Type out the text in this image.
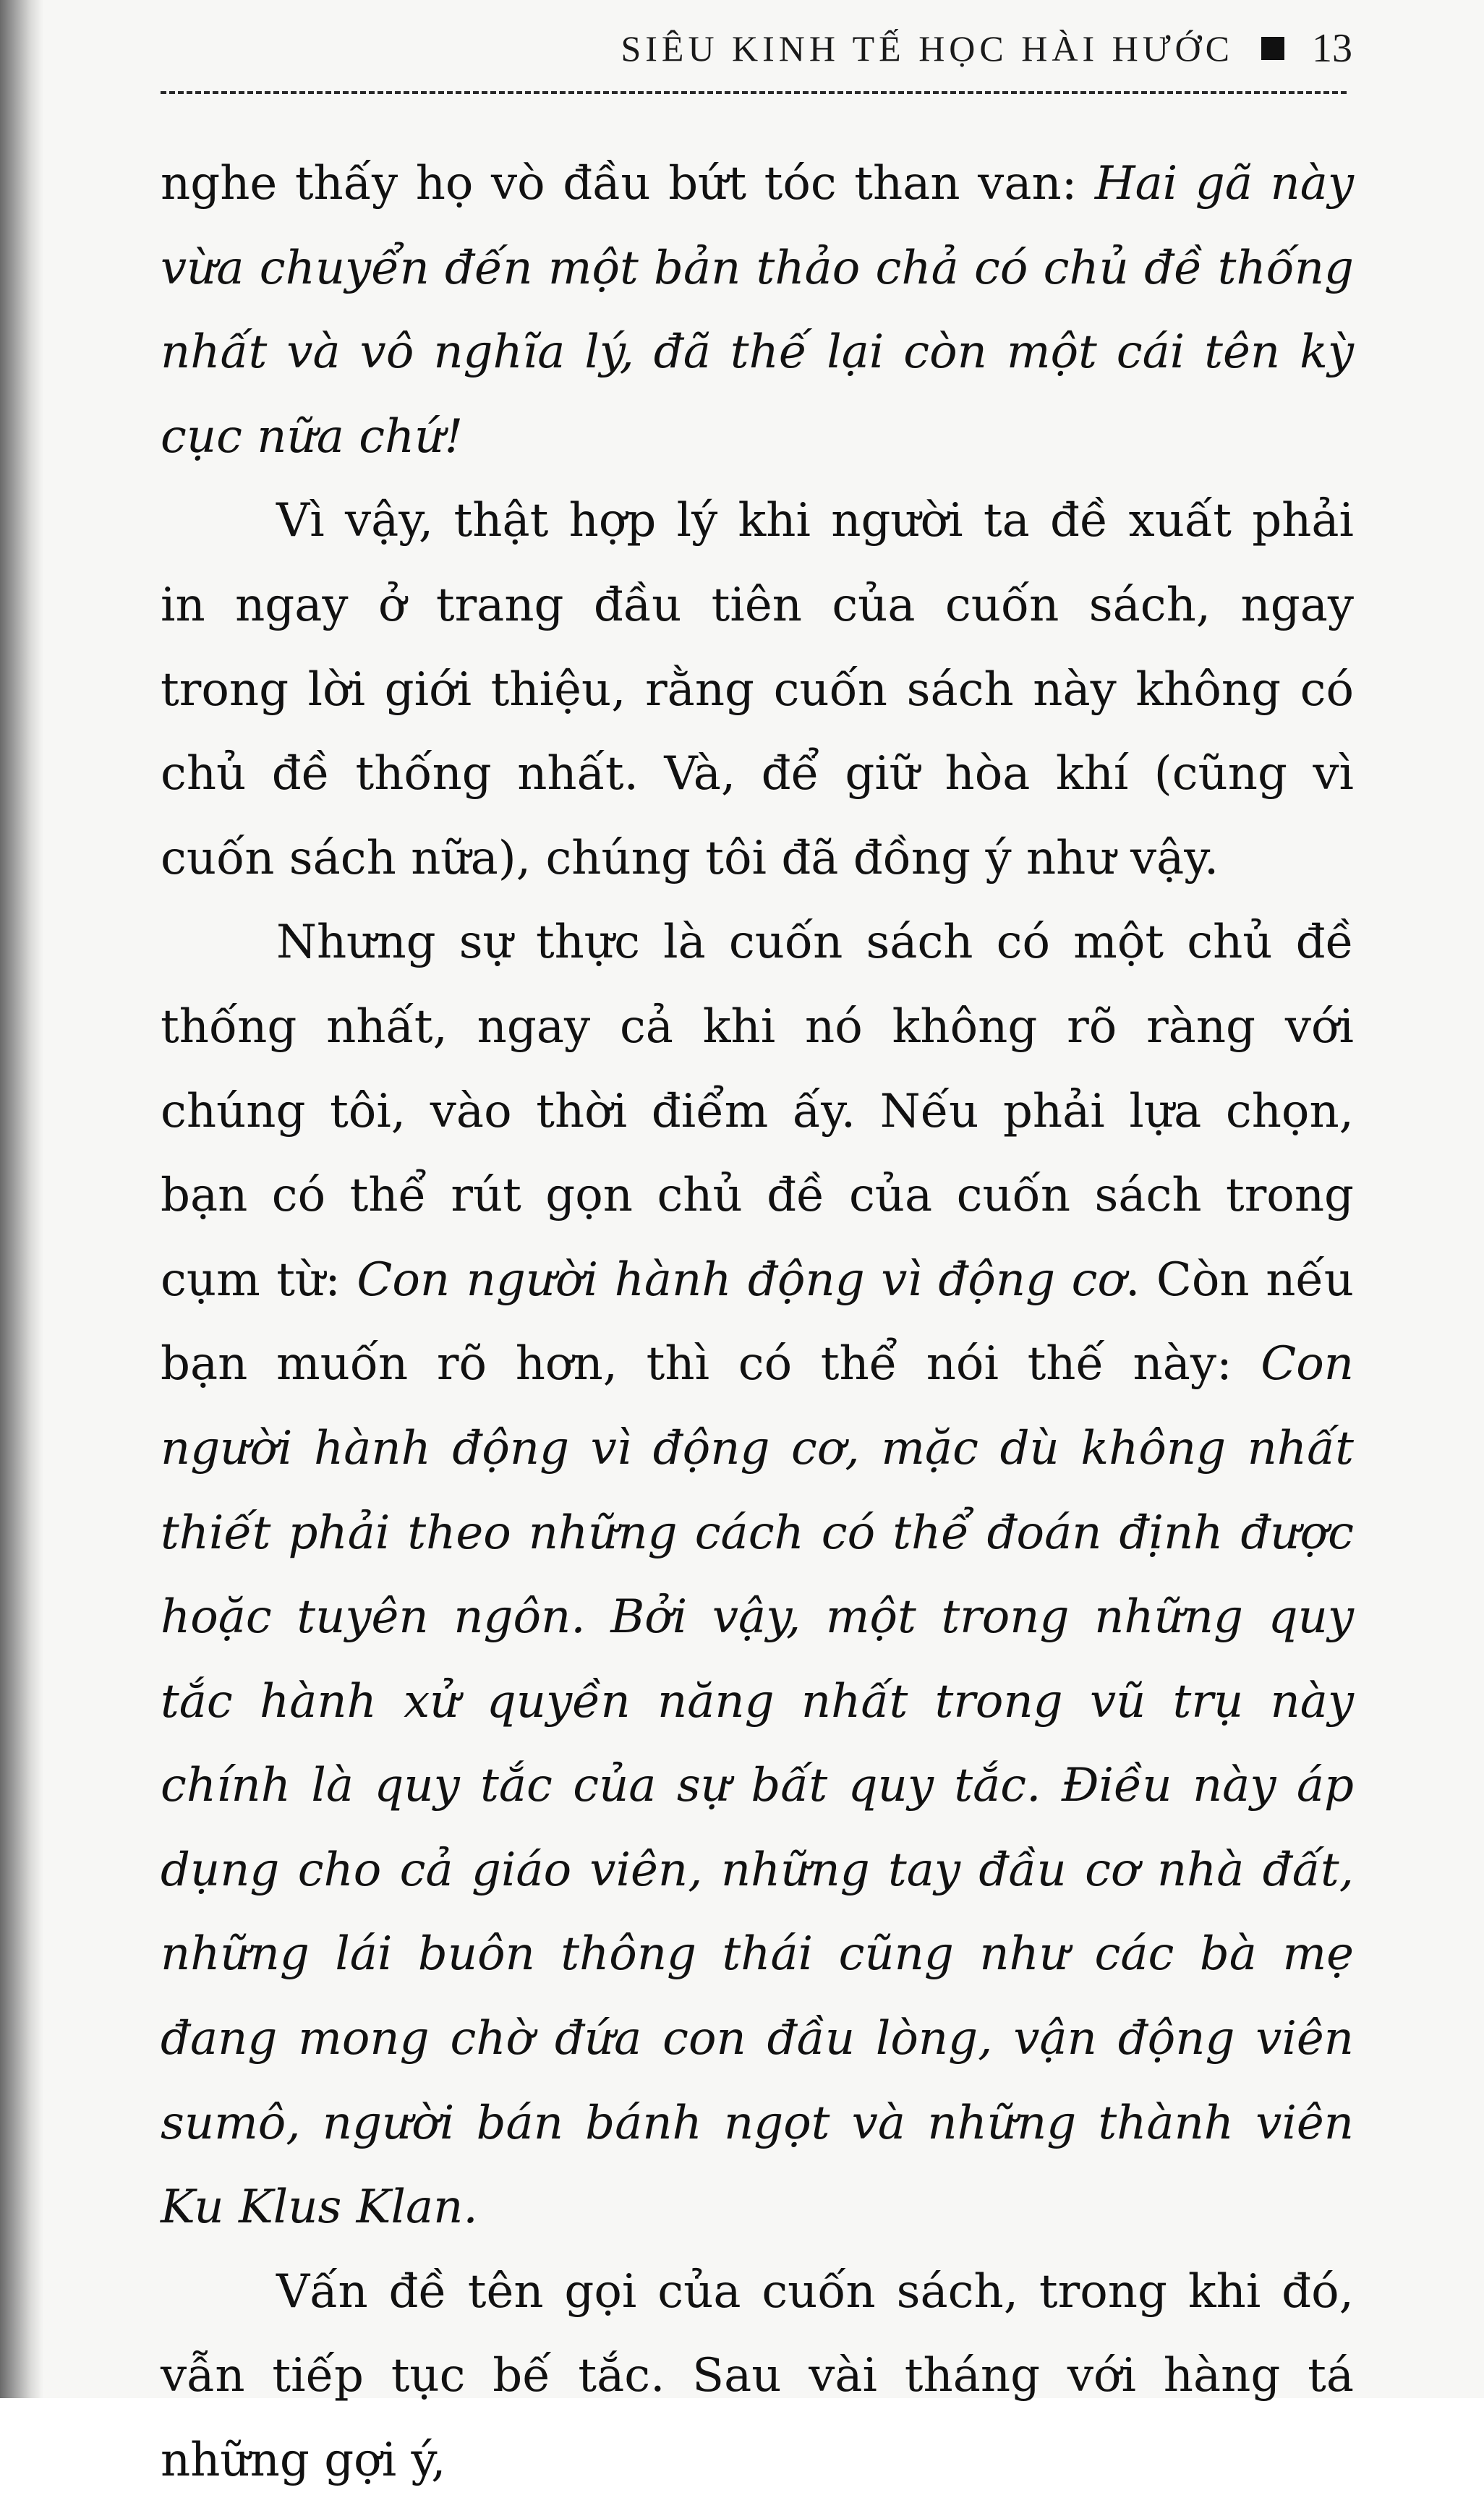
SIÊU KINH TẾ HỌC HÀI HƯỚC 13

nghe thấy họ vò đầu bứt tóc than van: Hai gã này vừa chuyển đến một bản thảo chả có chủ đề thống nhất và vô nghĩa lý, đã thế lại còn một cái tên kỳ cục nữa chứ!

Vì vậy, thật hợp lý khi người ta đề xuất phải in ngay ở trang đầu tiên của cuốn sách, ngay trong lời giới thiệu, rằng cuốn sách này không có chủ đề thống nhất. Và, để giữ hòa khí (cũng vì cuốn sách nữa), chúng tôi đã đồng ý như vậy.

Nhưng sự thực là cuốn sách có một chủ đề thống nhất, ngay cả khi nó không rõ ràng với chúng tôi, vào thời điểm ấy. Nếu phải lựa chọn, bạn có thể rút gọn chủ đề của cuốn sách trong cụm từ: Con người hành động vì động cơ. Còn nếu bạn muốn rõ hơn, thì có thể nói thế này: Con người hành động vì động cơ, mặc dù không nhất thiết phải theo những cách có thể đoán định được hoặc tuyên ngôn. Bởi vậy, một trong những quy tắc hành xử quyền năng nhất trong vũ trụ này chính là quy tắc của sự bất quy tắc. Điều này áp dụng cho cả giáo viên, những tay đầu cơ nhà đất, những lái buôn thông thái cũng như các bà mẹ đang mong chờ đứa con đầu lòng, vận động viên sumô, người bán bánh ngọt và những thành viên Ku Klus Klan.

Vấn đề tên gọi của cuốn sách, trong khi đó, vẫn tiếp tục bế tắc. Sau vài tháng với hàng tá những gợi ý,
